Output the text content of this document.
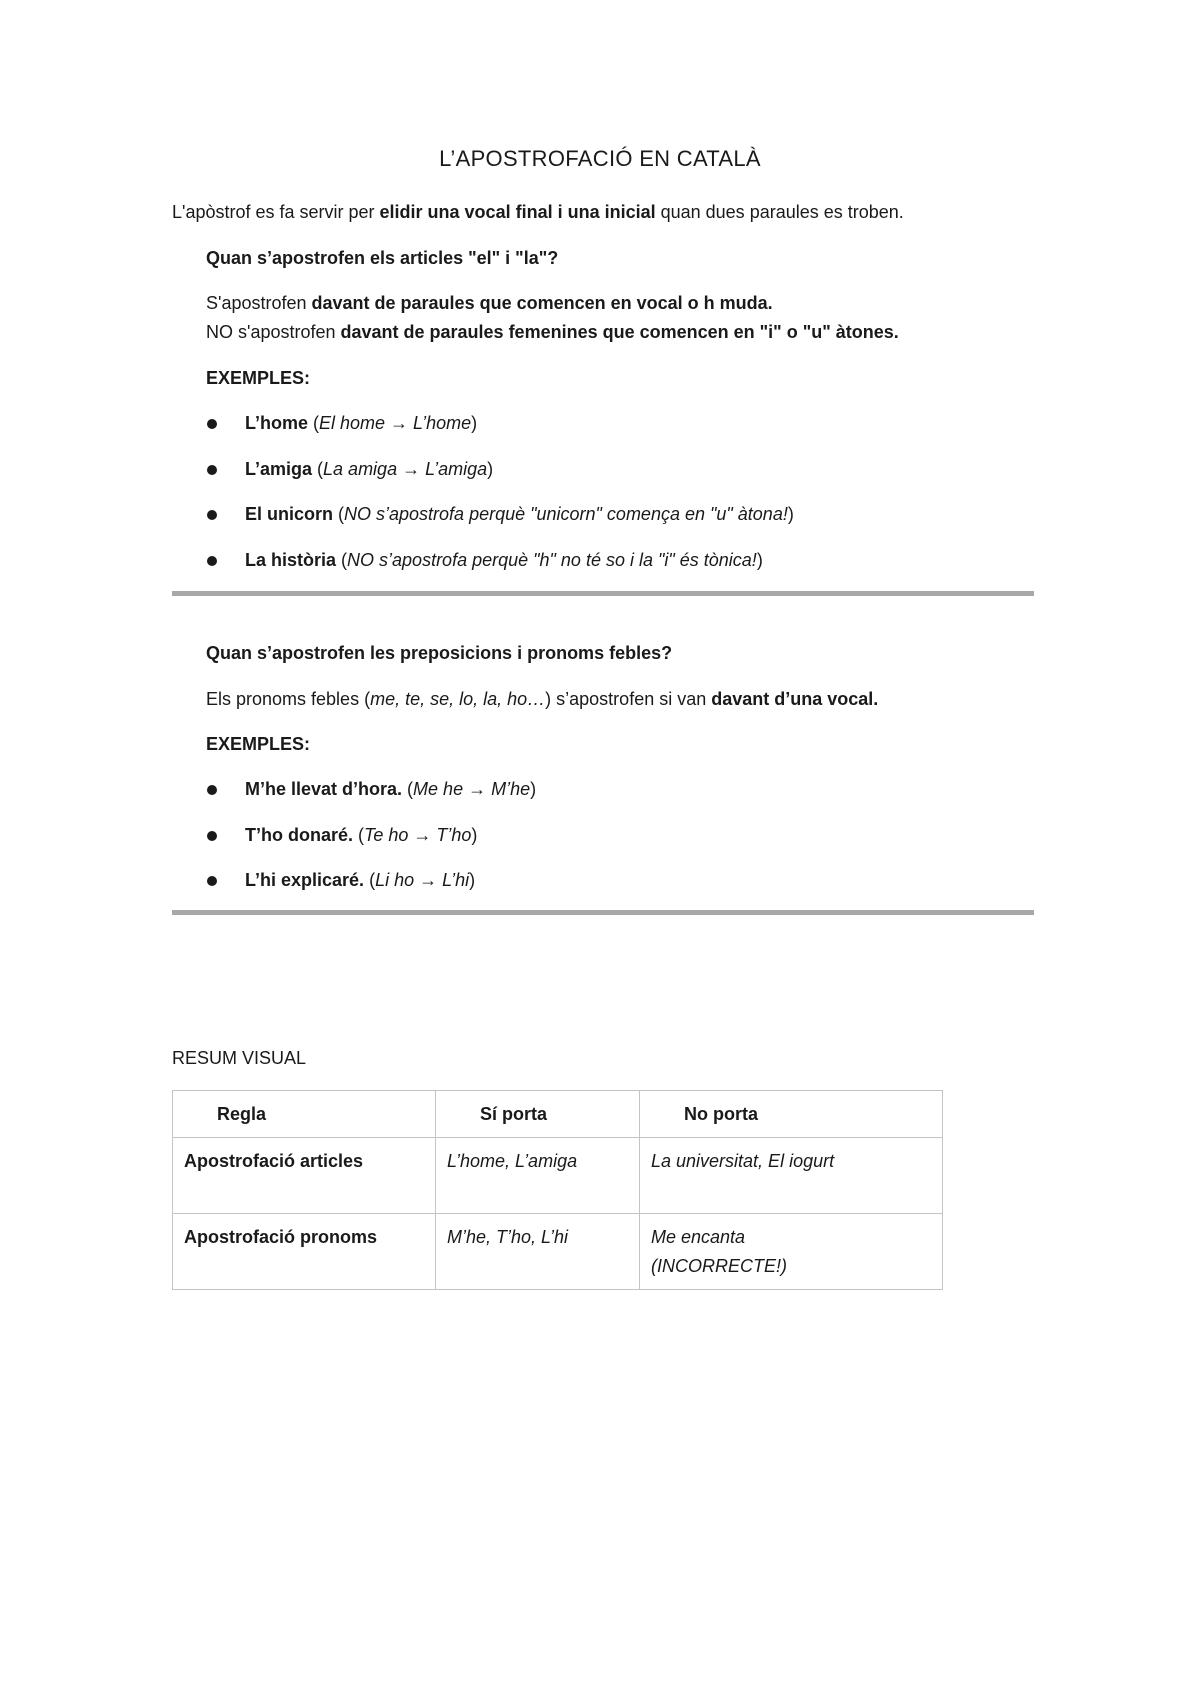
L’APOSTROFACIÓ EN CATALÀ
L'apòstrof es fa servir per elidir una vocal final i una inicial quan dues paraules es troben.
Quan s’apostrofen els articles "el" i "la"?
S'apostrofen davant de paraules que comencen en vocal o h muda.
NO s'apostrofen davant de paraules femenines que comencen en "i" o "u" àtones.
EXEMPLES:
L’home (El home → L’home)
L’amiga (La amiga → L’amiga)
El unicorn (NO s’apostrofa perquè "unicorn" comença en "u" àtona!)
La història (NO s’apostrofa perquè "h" no té so i la "i" és tònica!)
Quan s’apostrofen les preposicions i pronoms febles?
Els pronoms febles (me, te, se, lo, la, ho…) s’apostrofen si van davant d’una vocal.
EXEMPLES:
M’he llevat d’hora. (Me he → M’he)
T’ho donaré. (Te ho → T’ho)
L’hi explicaré. (Li ho → L’hi)
RESUM VISUAL
Regla	Sí porta	No porta
Apostrofació articles	L’home, L’amiga	La universitat, El iogurt
Apostrofació pronoms	M’he, T’ho, L’hi	Me encanta (INCORRECTE!)
